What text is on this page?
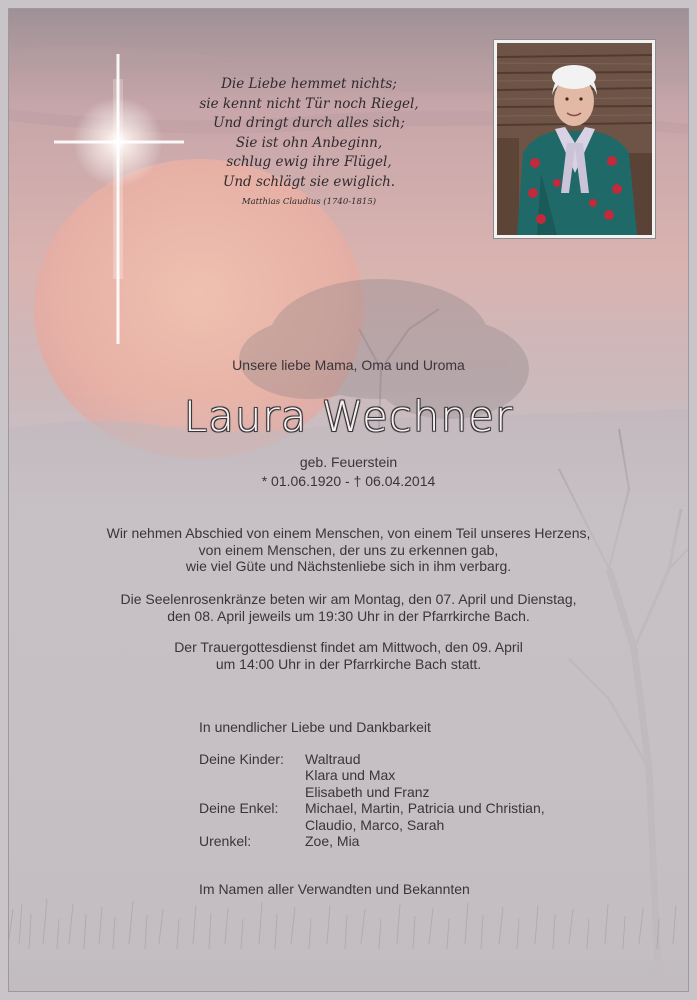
Die Liebe hemmet nichts;
sie kennt nicht Tür noch Riegel,
Und dringt durch alles sich;
Sie ist ohn Anbeginn,
schlug ewig ihre Flügel,
Und schlägt sie ewiglich.
Matthias Claudius (1740-1815)
Unsere liebe Mama, Oma und Uroma
Laura Wechner
geb. Feuerstein
* 01.06.1920 - † 06.04.2014
Wir nehmen Abschied von einem Menschen, von einem Teil unseres Herzens,
von einem Menschen, der uns zu erkennen gab,
wie viel Güte und Nächstenliebe sich in ihm verbarg.
Die Seelenrosenkränze beten wir am Montag, den 07. April und Dienstag,
den 08. April jeweils um 19:30 Uhr in der Pfarrkirche Bach.
Der Trauergottesdienst findet am Mittwoch, den 09. April
um 14:00 Uhr in der Pfarrkirche Bach statt.
In unendlicher Liebe und Dankbarkeit
Deine Kinder:	Waltraud
Klara und Max
Elisabeth und Franz
Deine Enkel:	Michael, Martin, Patricia und Christian,
Claudio, Marco, Sarah
Urenkel:	Zoe, Mia
Im Namen aller Verwandten und Bekannten
